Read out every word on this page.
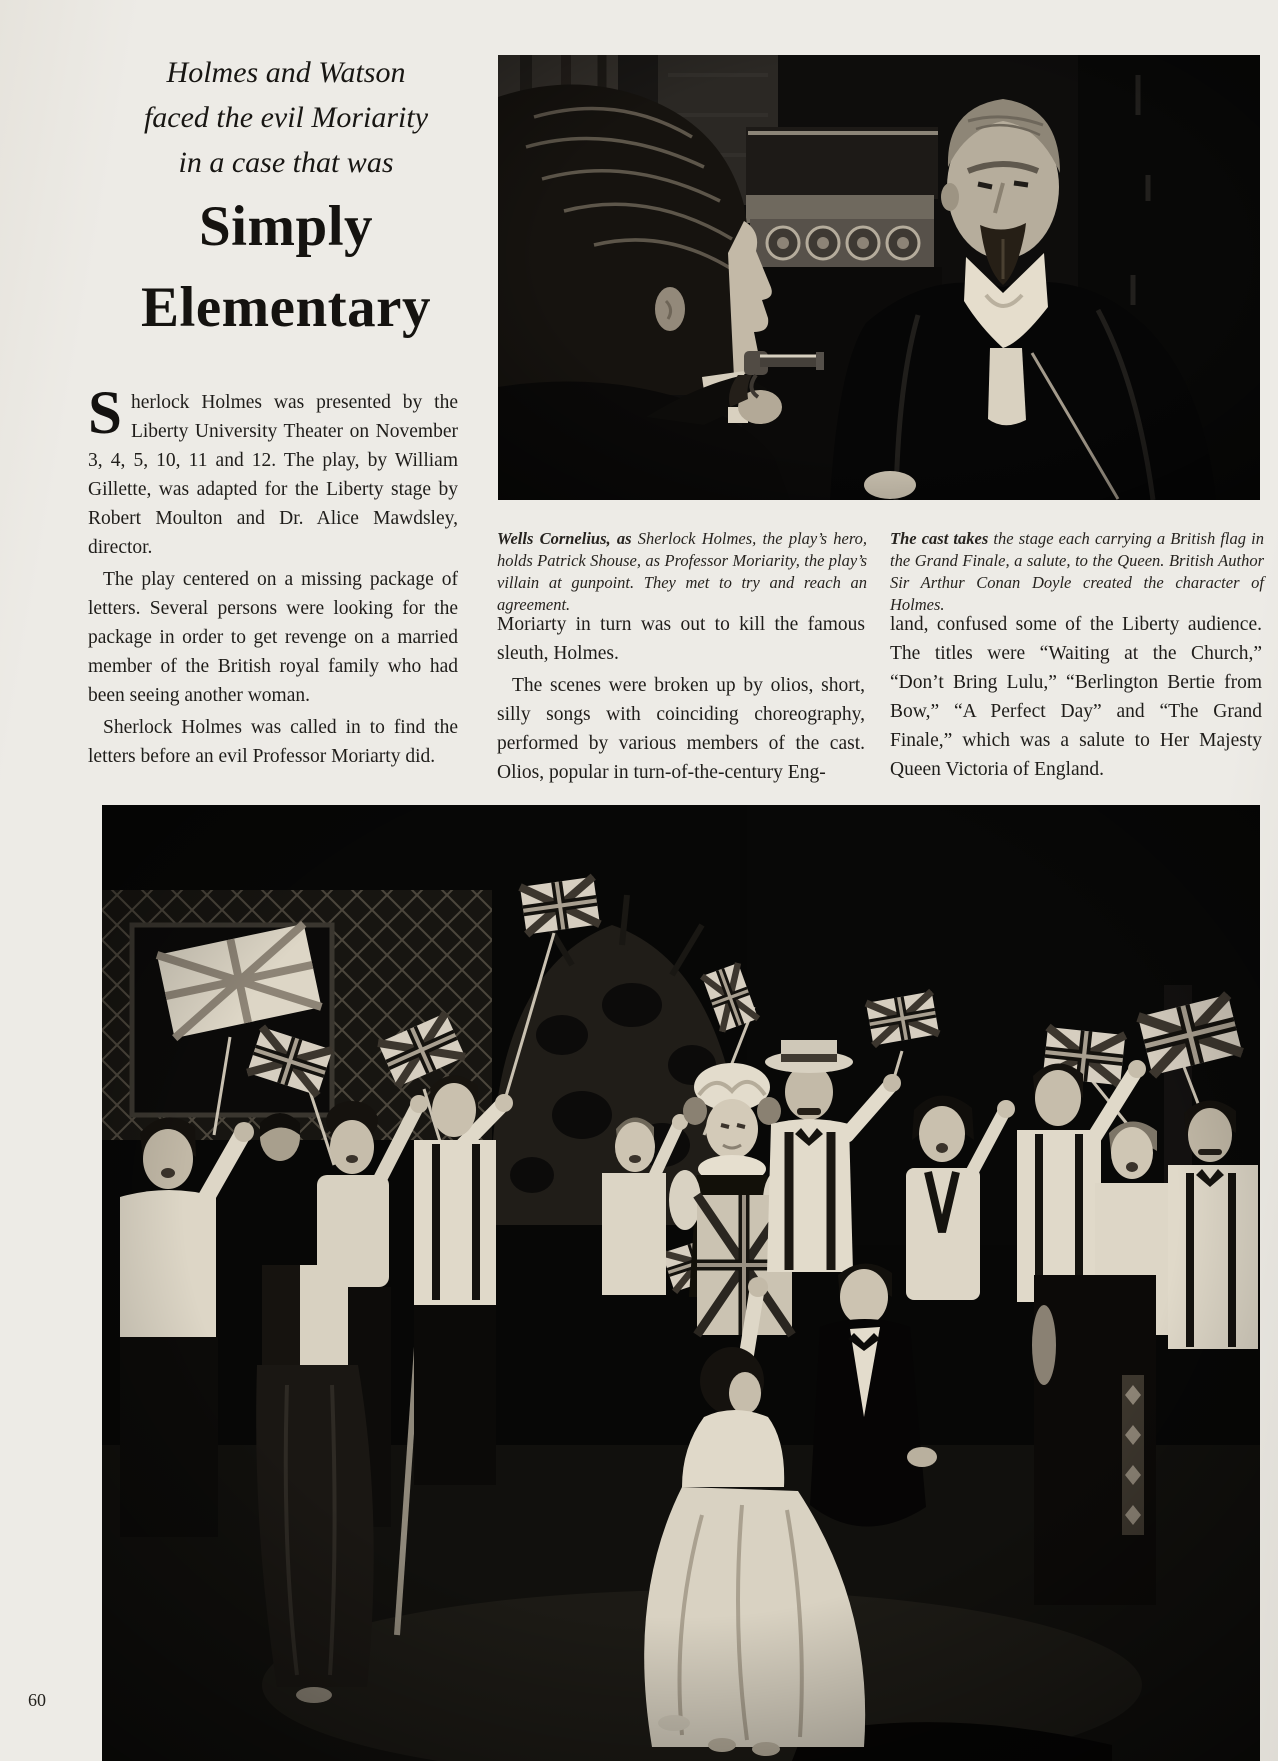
Holmes and Watson
faced the evil Moriarity
in a case that was
Simply
Elementary

Sherlock Holmes was presented by the Liberty University Theater on November 3, 4, 5, 10, 11 and 12. The play, by William Gillette, was adapted for the Liberty stage by Robert Moulton and Dr. Alice Mawdsley, director.

The play centered on a missing package of letters. Several persons were looking for the package in order to get revenge on a married member of the British royal family who had been seeing another woman.

Sherlock Holmes was called in to find the letters before an evil Professor Moriarty did.

Wells Cornelius, as Sherlock Holmes, the play’s hero, holds Patrick Shouse, as Professor Moriarity, the play’s villain at gunpoint. They met to try and reach an agreement.

The cast takes the stage each carrying a British flag in the Grand Finale, a salute, to the Queen. British Author Sir Arthur Conan Doyle created the character of Holmes.

Moriarty in turn was out to kill the famous sleuth, Holmes.

The scenes were broken up by olios, short, silly songs with coinciding choreography, performed by various members of the cast. Olios, popular in turn-of-the-century Eng-

land, confused some of the Liberty audience. The titles were “Waiting at the Church,” “Don’t Bring Lulu,” “Berlington Bertie from Bow,” “A Perfect Day” and “The Grand Finale,” which was a salute to Her Majesty Queen Victoria of England.

60
